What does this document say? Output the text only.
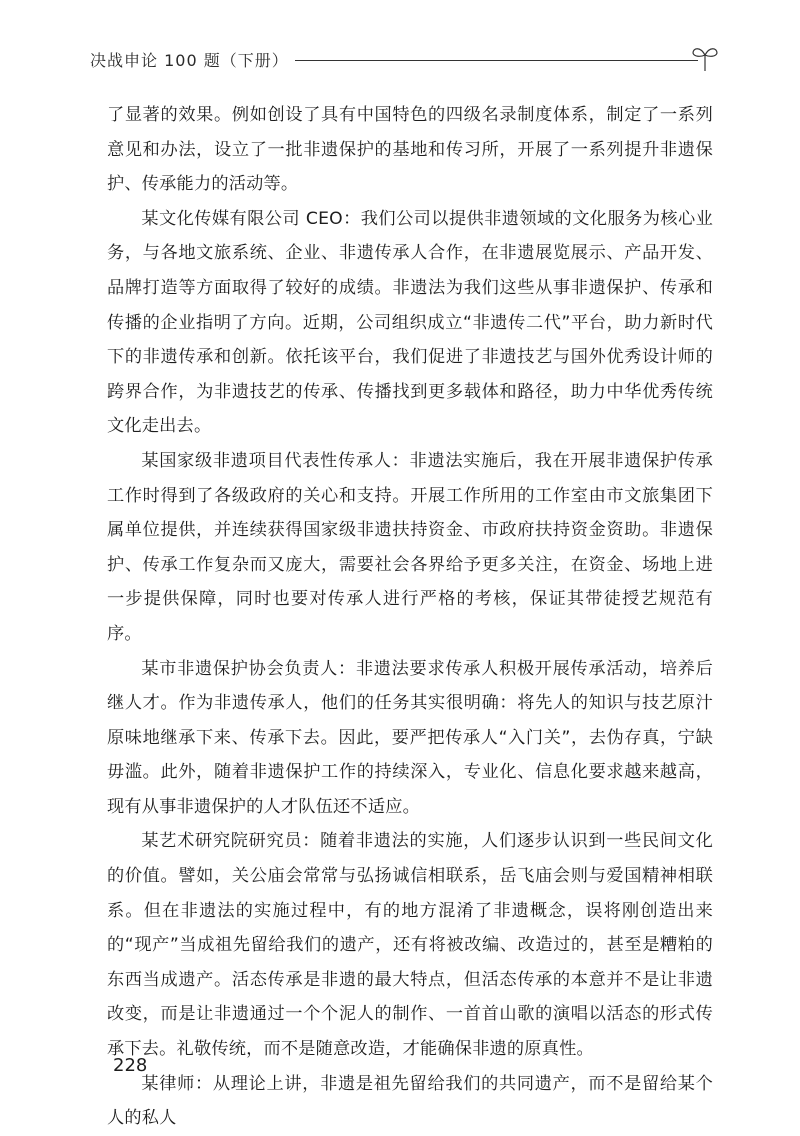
决战申论 100 题（下册）

了显著的效果。例如创设了具有中国特色的四级名录制度体系，制定了一系列意见和办法，设立了一批非遗保护的基地和传习所，开展了一系列提升非遗保护、传承能力的活动等。

某文化传媒有限公司 CEO：我们公司以提供非遗领域的文化服务为核心业务，与各地文旅系统、企业、非遗传承人合作，在非遗展览展示、产品开发、品牌打造等方面取得了较好的成绩。非遗法为我们这些从事非遗保护、传承和传播的企业指明了方向。近期，公司组织成立“非遗传二代”平台，助力新时代下的非遗传承和创新。依托该平台，我们促进了非遗技艺与国外优秀设计师的跨界合作，为非遗技艺的传承、传播找到更多载体和路径，助力中华优秀传统文化走出去。

某国家级非遗项目代表性传承人：非遗法实施后，我在开展非遗保护传承工作时得到了各级政府的关心和支持。开展工作所用的工作室由市文旅集团下属单位提供，并连续获得国家级非遗扶持资金、市政府扶持资金资助。非遗保护、传承工作复杂而又庞大，需要社会各界给予更多关注，在资金、场地上进一步提供保障，同时也要对传承人进行严格的考核，保证其带徒授艺规范有序。

某市非遗保护协会负责人：非遗法要求传承人积极开展传承活动，培养后继人才。作为非遗传承人，他们的任务其实很明确：将先人的知识与技艺原汁原味地继承下来、传承下去。因此，要严把传承人“入门关”，去伪存真，宁缺毋滥。此外，随着非遗保护工作的持续深入，专业化、信息化要求越来越高，现有从事非遗保护的人才队伍还不适应。

某艺术研究院研究员：随着非遗法的实施，人们逐步认识到一些民间文化的价值。譬如，关公庙会常常与弘扬诚信相联系，岳飞庙会则与爱国精神相联系。但在非遗法的实施过程中，有的地方混淆了非遗概念，误将刚创造出来的“现产”当成祖先留给我们的遗产，还有将被改编、改造过的，甚至是糟粕的东西当成遗产。活态传承是非遗的最大特点，但活态传承的本意并不是让非遗改变，而是让非遗通过一个个泥人的制作、一首首山歌的演唱以活态的形式传承下去。礼敬传统，而不是随意改造，才能确保非遗的原真性。

某律师：从理论上讲，非遗是祖先留给我们的共同遗产，而不是留给某个人的私人

228
